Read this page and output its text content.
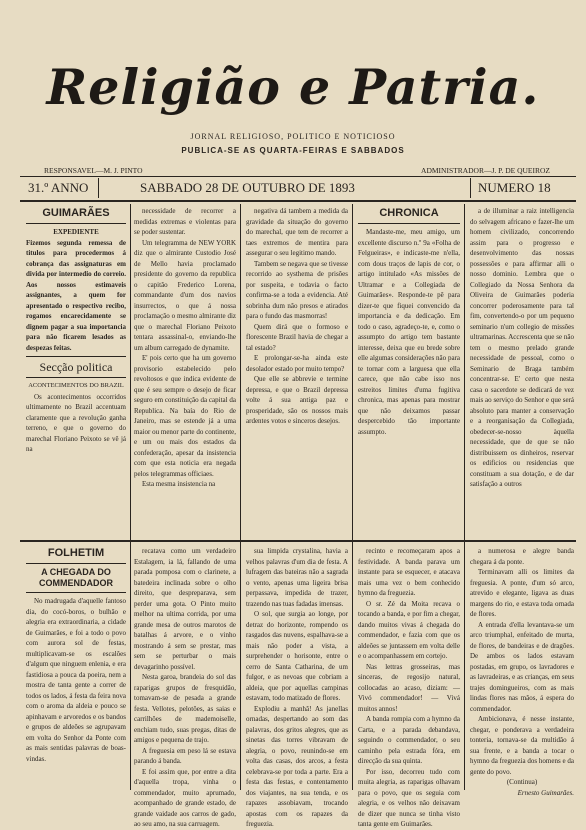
Religião e Patria.
JORNAL RELIGIOSO, POLITICO E NOTICIOSO
PUBLICA-SE AS QUARTA-FEIRAS E SABBADOS
RESPONSAVEL—M. J. PINTO	ADMINISTRADOR—J. P. DE QUEIROZ
31.º ANNO	SABBADO 28 DE OUTUBRO DE 1893	NUMERO 18
GUIMARÃES
EXPEDIENTE
Fizemos segunda remessa de titulos para procedermos á cobrança das assignaturas em divida por intermedio do correio. Aos nossos estimaveis assignantes, a quem for apresentado o respectivo recibo, rogamos encarecidamente se dignem pagar a sua importancia para não ficarem lesados as despezas feitas.
Secção politica
ACONTECIMENTOS DO BRAZIL

Os acontecimentos occorridos ultimamente no Brazil accentuam claramente que a revolução ganha terreno, e que o governo do marechal Floriano Peixoto se vê já na

necessidade de recorrer a medidas extremas e violentas para se poder sustentar.

Um telegramma de NEW YORK diz que o almirante Custodio José de Mello havia proclamado presidente do governo da republica o capitão Frederico Lorena, commandante d'um dos navios insurrectos, o que á nossa proclamação o mesmo almirante diz que o marechal Floriano Peixoto tentara assassinal-o, enviando-lhe um album carregado de dynamite.

E' pois certo que ha um governo provisorio estabelecido pelo revoltosos e que indica evidente de que é seu sempre o desejo de ficar seguro em constituição da capital da Republica. Na baía do Rio de Janeiro, mas se estende já a uma maior ou menor parte do continente, e um ou mais dos estados da confederação, apesar da insistencia com que esta noticia era negada pelos telegrammas officiaes.

Esta mesma insistencia na

negativa dá tambem a medida da gravidade da situação do governo do marechal, que tem de recorrer a taes extremos de mentira para assegurar o seu legitimo mando.

Tambem se negava que se tivesse recorrido ao systhema de prisões por suspeita, e todavia o facto confirma-se a toda a evidencia. Até sobrinha dum não presos e atirados para o fundo das masmorras!

Quem dirá que o formoso e florescente Brazil havia de chegar a tal estado?

E prolongar-se-ha ainda este desolador estado por muito tempo?

Que elle se abbrevie e termine depressa, e que o Brazil depressa volte á sua antiga paz e prosperidade, são os nossos mais ardentes votos e sinceros desejos.

CHRONICA

Mandaste-me, meu amigo, um excellente discurso n.º 9a «Folha de Felgueiras», e indicaste-me n'ella, com dous traços de lapis de cor, o artigo intitulado «As missões de Ultramar e a Collegiada de Guimarães». Responde-te pê para dizer-te que fiquei convencido da importancia e da dedicação. Em todo o caso, agradeço-te, e, como o assumpto do artigo tem bastante interesse, deixa que eu brede sobre elle algumas considerações não para te tornar com a larguesa que ella carece, que não cabe isso nos estreitos limites d'uma fugitiva chronica, mas apenas para mostrar que não deixamos passar despercebido tão importante assumpto.

a de illuminar a raiz intelligencia do selvagem africano e fazer-lhe um homem civilizado, concorrendo assim para o progresso e desenvolvimento das nossas possessões e para affirmar alli o nosso dominio. Lembra que o Collegiado da Nossa Senhora da Oliveira de Guimarães poderia concorrer poderosamente para tal fim, convertendo-o por um pequeno seminario n'um collegio de missões ultramarinas. Accrescenta que se não tem o mesmo prelado grande necessidade de pessoal, como o Seminario de Braga também concentrar-se. E' certo que nesta casa o sacerdote se dedicará de vez mais ao serviço do Senhor e que será absoluto para manter a conservação e a reorganisação da Collegiada, obedecer-se-nosso àquella necessidade, que de que se não distribuissem os dinheiros, reservar os edificios ou residencias que constituam a sua dotação, e de dar satisfação a outros

FOLHETIM
A CHEGADA DO COMMENDADOR

No madrugada d'aquelle fantoso dia, do cocó-boros, o bulhão e alegria era extraordinaria, a cidade de Guimarães, e foi a todo o povo com aurora sol de festas, multiplicavam-se os escalões d'algum que ninguem enlenia, e era fastidiosa a pouca da poeira, nem a mostra de tanta gente a correr de todos os lados, á festa da feira nova com o aroma da aldeia e pouco se apinhavam e arvoredos e os bandos e grupos de aldeões se agrupavam em volta do Senhor da Ponte com as mais sentidas palavras de boas-vindas.

recatava como um verdadeiro Estalagem, ia lá, fallando de uma parada pomposa com o clarinete, a batedeira inclinada sobre o olho direito, que despreparava, sem perder uma gota. O Pinto muito melhor na ultima corrida, por uma grande mesa de outros marotos de batalhas á arvore, e o vinho mostrando á sem se prestar, mas sem se perturbar o mais devagarinho possível.

Nesta garoa, brandeia do sol das raparigas grupos de fresquidão, tomavam-se de pesada a grande festa. Vellotes, pelotões, as saias e carrilhões de mademoiselle, enchiam tudo, suas pregas, ditas de amigos e pequena de trajo.

A freguesia em peso lá se estava parando á banda.

E foi assim que, por entre a dita d'aquella tropa, vinha o commendador, muito aprumado, acompanhado de grande estado, de grande vaidade aos carros de gado, ao seu amo, na sua carruagem.

sua limpida crystalina, havia a velhos palavras d'um dia de festa. A lufragem das bateiras não a sagrada o vento, apenas uma ligeira brisa perpassava, impedida de trazer, trazendo nas tuas fadadas imensas.

O sol, que surgia ao longe, por detraz do horizonte, rompendo os rasgados das nuvens, espalhava-se a mais não poder a vista, a surprehender o horisonte, entre o cerro de Santa Catharina, de um fulgor, e as nevoas que cobriam a aldeia, que por aquellas campinas estavam, todo matizado de flores.

Explodiu a manhã! As janellas ornadas, despertando ao som das palavras, dos gritos alegres, que as sinetas das torres vibravam de alegria, o povo, reunindo-se em volta das casas, dos arcos, a festa celebrava-se por toda a parte. Era a festa das festas, e contentamento dos viajantes, na sua tenda, e os rapazes assobiavam, trocando apostas com os rapazes da freguezia.

recinto e recomeçaram apos a festividade. A banda parava um instante para se esquecer, e atacava mais uma vez o bem conhecido hymno da freguezia.

O sr. Zé da Moita recava o tocando a banda, e por fim a chegar, dando muitos vivas á chegada do commendador, e fazia com que os aldeões se juntassem em volta delle e o acompanhassem em cortejo.

Nas lettras grosseiras, mas sinceras, de regosijo natural, collocadas ao acaso, diziam: — Vivó commendador! — Vivá muitos annos!

A banda rompia com a hymno da Carta, e a parada debandava, seguindo o commendador, o seu caminho pela estrada fóra, em direcção da sua quinta.

Por isso, decorreu tudo com muita alegria, as raparigas olhavam para o povo, que os seguia com alegria, e os velhos não deixavam de dizer que nunca se tinha visto tanta gente em Guimarães.

a numerosa e alegre banda chegara á da ponte.

Terminavam alli os limites da freguesia. A ponte, d'um só arco, atrevido e elegante, ligava as duas margens do rio, e estava toda ornada de flores.

A entrada d'ella levantava-se um arco triumphal, enfeitado de murta, de flores, de bandeiras e de dragões. De ambos os lados estavam postadas, em grupo, os lavradores e as lavradeiras, e as crianças, em seus trajes domingueiros, com as mais lindas flores nas mãos, á espera do commendador.

Ambicionava, é nesse instante, chegar, e ponderava a verdadeira tonteria, tornava-se da multidão á sua frente, e a banda a tocar o hymno da freguezia dos homens e da gente do povo.

(Continua)

Ernesto Guimarães.
